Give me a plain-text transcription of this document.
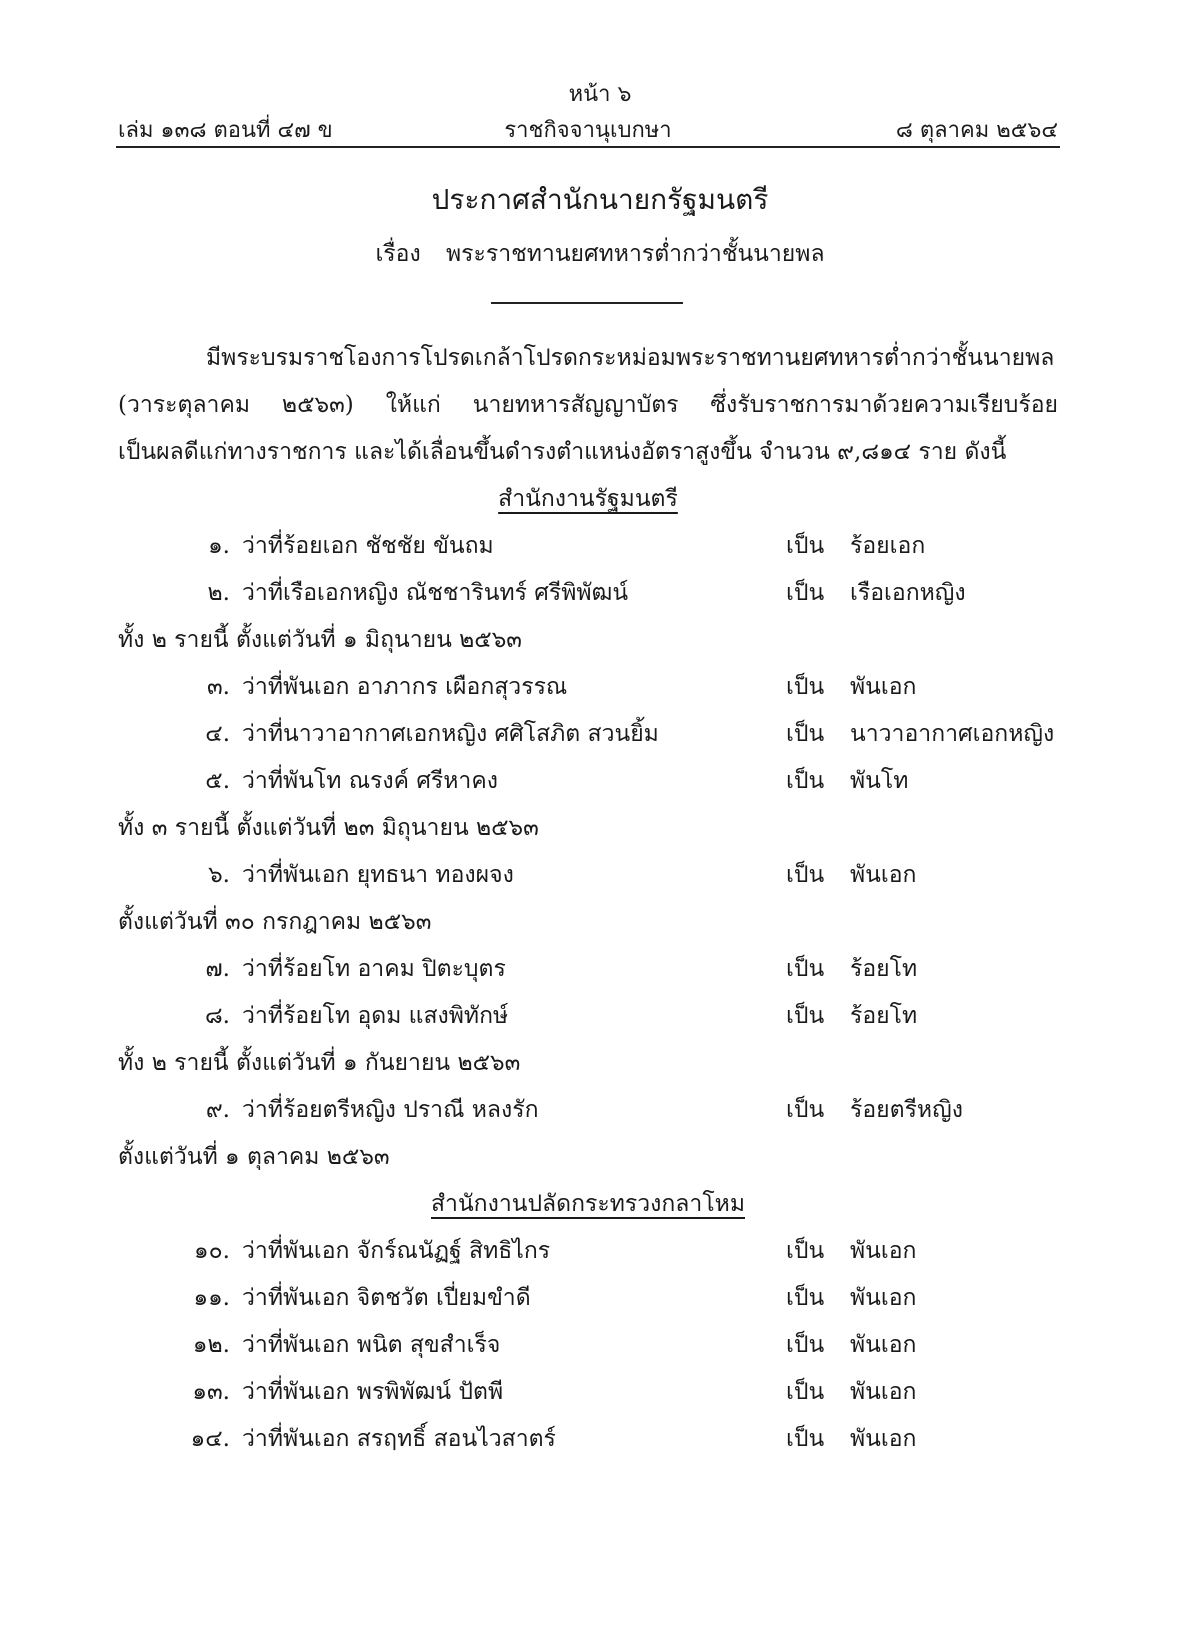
หน้า ๖
เล่ม ๑๓๘ ตอนที่ ๔๗ ข	ราชกิจจานุเบกษา	๘ ตุลาคม ๒๕๖๔
ประกาศสำนักนายกรัฐมนตรี
เรื่อง พระราชทานยศทหารต่ำกว่าชั้นนายพล
มีพระบรมราชโองการโปรดเกล้าโปรดกระหม่อมพระราชทานยศทหารต่ำกว่าชั้นนายพล
(วาระตุลาคม ๒๕๖๓) ให้แก่ นายทหารสัญญาบัตร ซึ่งรับราชการมาด้วยความเรียบร้อย
เป็นผลดีแก่ทางราชการ และได้เลื่อนขึ้นดำรงตำแหน่งอัตราสูงขึ้น จำนวน ๙,๘๑๔ ราย ดังนี้
สำนักงานรัฐมนตรี
๑. ว่าที่ร้อยเอก ชัชชัย ขันถม	เป็น ร้อยเอก
๒. ว่าที่เรือเอกหญิง ณัชชารินทร์ ศรีพิพัฒน์	เป็น เรือเอกหญิง
ทั้ง ๒ รายนี้ ตั้งแต่วันที่ ๑ มิถุนายน ๒๕๖๓
๓. ว่าที่พันเอก อาภากร เผือกสุวรรณ	เป็น พันเอก
๔. ว่าที่นาวาอากาศเอกหญิง ศศิโสภิต สวนยิ้ม	เป็น นาวาอากาศเอกหญิง
๕. ว่าที่พันโท ณรงค์ ศรีหาคง	เป็น พันโท
ทั้ง ๓ รายนี้ ตั้งแต่วันที่ ๒๓ มิถุนายน ๒๕๖๓
๖. ว่าที่พันเอก ยุทธนา ทองผจง	เป็น พันเอก
ตั้งแต่วันที่ ๓๐ กรกฎาคม ๒๕๖๓
๗. ว่าที่ร้อยโท อาคม ปิตะบุตร	เป็น ร้อยโท
๘. ว่าที่ร้อยโท อุดม แสงพิทักษ์	เป็น ร้อยโท
ทั้ง ๒ รายนี้ ตั้งแต่วันที่ ๑ กันยายน ๒๕๖๓
๙. ว่าที่ร้อยตรีหญิง ปราณี หลงรัก	เป็น ร้อยตรีหญิง
ตั้งแต่วันที่ ๑ ตุลาคม ๒๕๖๓
สำนักงานปลัดกระทรวงกลาโหม
๑๐. ว่าที่พันเอก จักร์ณนัฏฐ์ สิทธิไกร	เป็น พันเอก
๑๑. ว่าที่พันเอก จิตชวัต เปี่ยมขำดี	เป็น พันเอก
๑๒. ว่าที่พันเอก พนิต สุขสำเร็จ	เป็น พันเอก
๑๓. ว่าที่พันเอก พรพิพัฒน์ ปัตพี	เป็น พันเอก
๑๔. ว่าที่พันเอก สรฤทธิ์ สอนไวสาตร์	เป็น พันเอก
